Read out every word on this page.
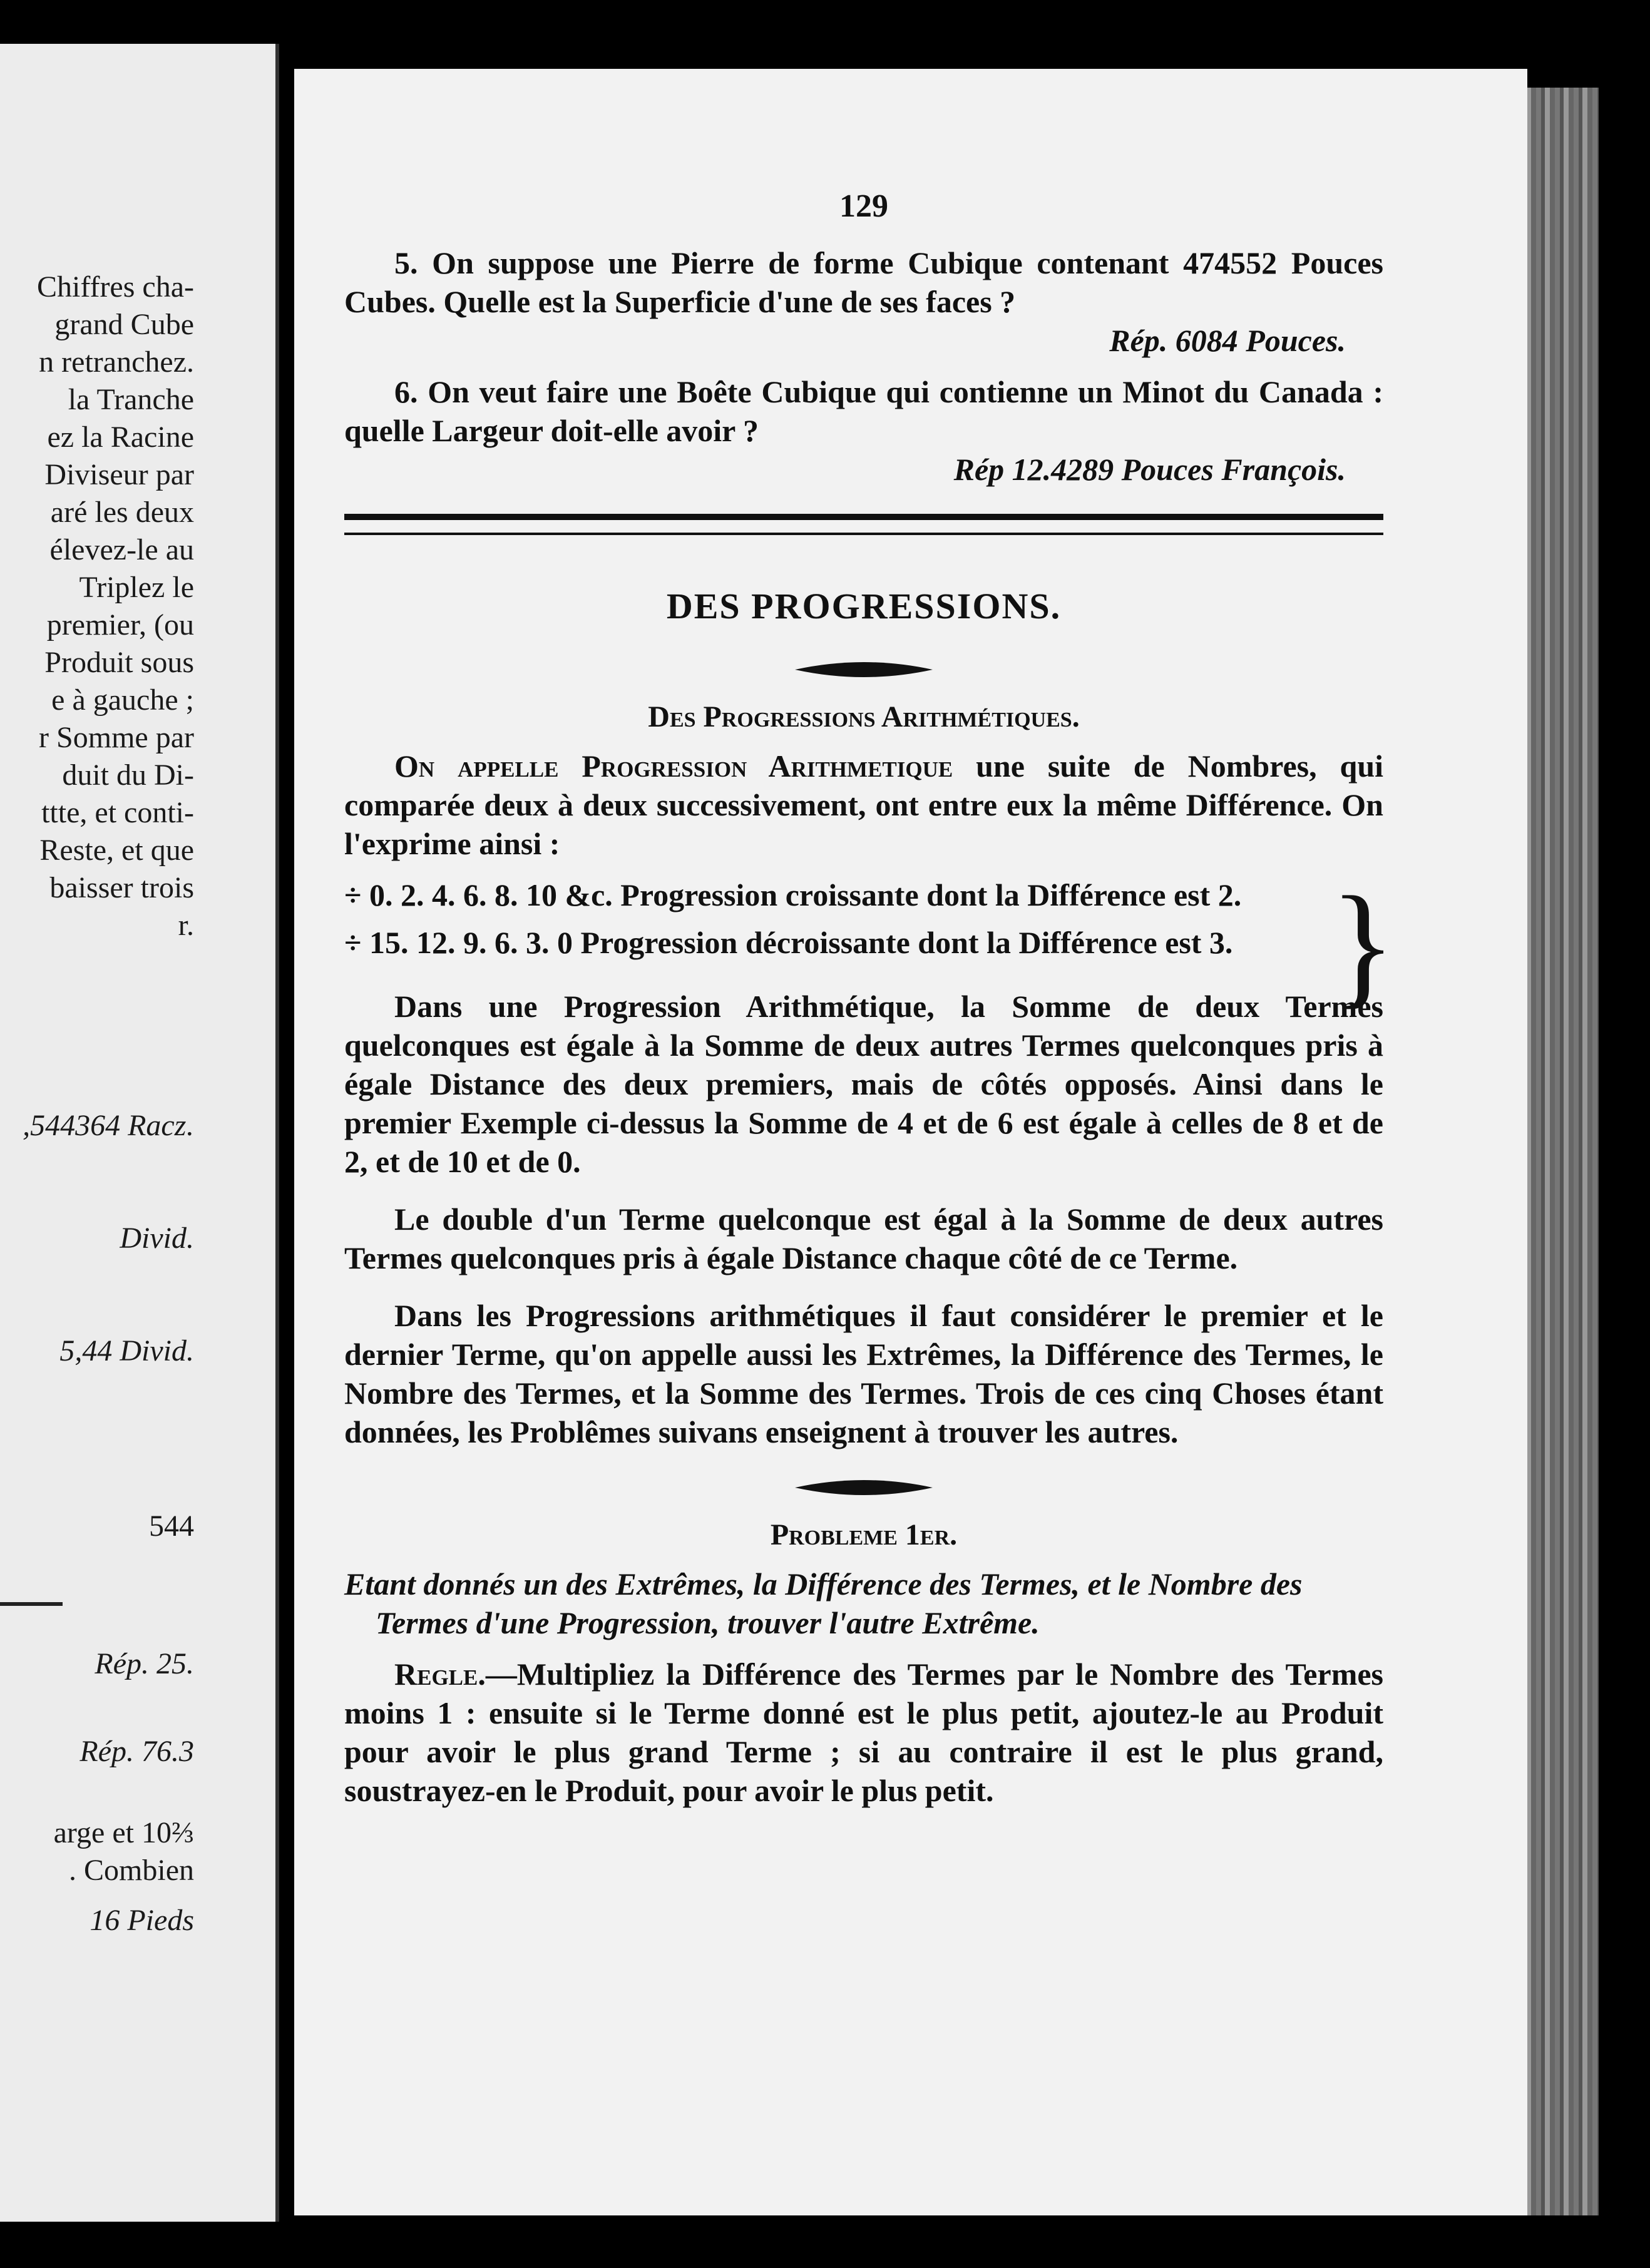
Chiffres cha-
grand Cube
n retranchez.
la Tranche
ez la Racine
Diviseur par
aré les deux
élevez-le au
Triplez le
premier, (ou
Produit sous
e à gauche ;
r Somme par
duit du Di-
ttte, et conti-
Reste, et que
baisser trois
r.
,544364 Racᴢ.
Divid.
5,44 Divid.
544
Rép. 25.
Rép. 76.3
arge et 10⅔
. Combien
16 Pieds
129

5. On suppose une Pierre de forme Cubique contenant 474552 Pouces Cubes. Quelle est la Superficie d'une de ses faces ?

Rép. 6084 Pouces.

6. On veut faire une Boête Cubique qui contienne un Minot du Canada : quelle Largeur doit-elle avoir ?

Rép 12.4289 Pouces François.
DES PROGRESSIONS.
Des Progressions Arithmétiques.

On appelle Progression Arithmetique une suite de Nombres, qui comparée deux à deux successivement, ont entre eux la même Différence. On l'exprime ainsi :

÷ 0. 2. 4. 6. 8. 10 &c. Progression croissante dont la Différence est 2.
÷ 15. 12. 9. 6. 3. 0 Progression décroissante dont la Différence est 3. }

Dans une Progression Arithmétique, la Somme de deux Termes quelconques est égale à la Somme de deux autres Termes quelconques pris à égale Distance des deux premiers, mais de côtés opposés. Ainsi dans le premier Exemple ci-dessus la Somme de 4 et de 6 est égale à celles de 8 et de 2, et de 10 et de 0.

Le double d'un Terme quelconque est égal à la Somme de deux autres Termes quelconques pris à égale Distance chaque côté de ce Terme.

Dans les Progressions arithmétiques il faut considérer le premier et le dernier Terme, qu'on appelle aussi les Extrêmes, la Différence des Termes, le Nombre des Termes, et la Somme des Termes. Trois de ces cinq Choses étant données, les Problêmes suivans enseignent à trouver les autres.

Probleme 1er.
Etant donnés un des Extrêmes, la Différence des Termes, et le Nombre des Termes d'une Progression, trouver l'autre Extrême.

Regle.—Multipliez la Différence des Termes par le Nombre des Termes moins 1 : ensuite si le Terme donné est le plus petit, ajoutez-le au Produit pour avoir le plus grand Terme ; si au contraire il est le plus grand, soustrayez-en le Produit, pour avoir le plus petit.
